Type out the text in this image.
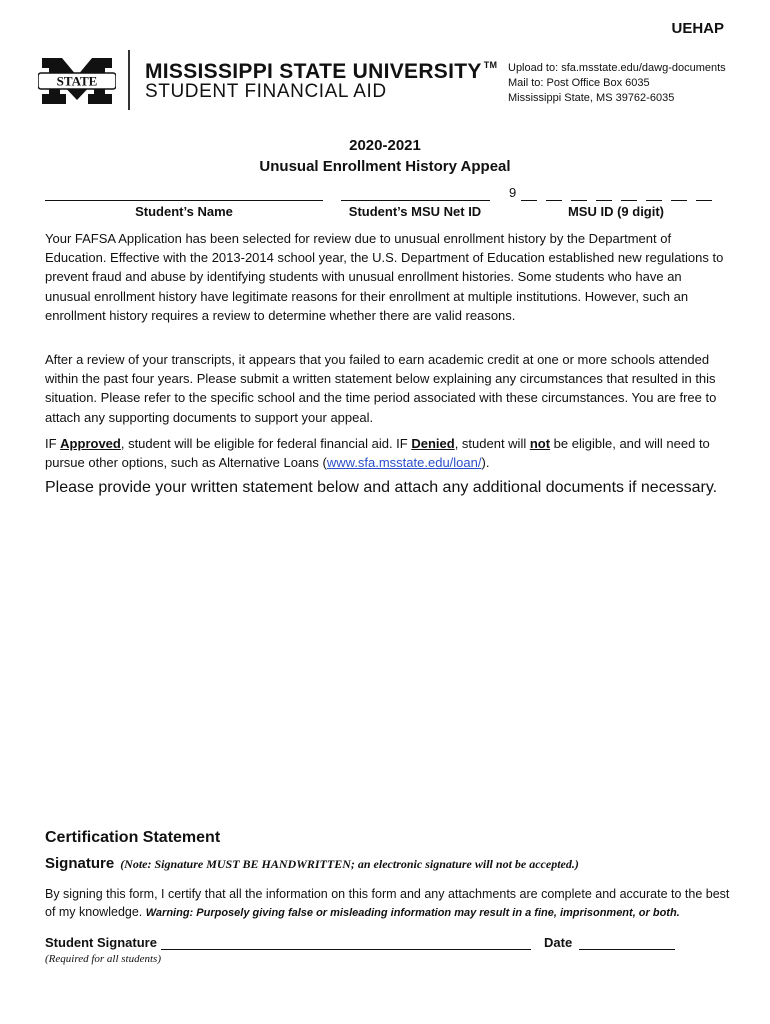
UEHAP
STATE MISSISSIPPI STATE UNIVERSITY ™
STUDENT FINANCIAL AID
Upload to: sfa.msstate.edu/dawg-documents
Mail to: Post Office Box 6035
Mississippi State, MS 39762-6035
2020-2021
Unusual Enrollment History Appeal
Student’s Name	Student’s MSU Net ID
9
MSU ID (9 digit)
Your FAFSA Application has been selected for review due to unusual enrollment history by the Department of Education. Effective with the 2013-2014 school year, the U.S. Department of Education established new regulations to prevent fraud and abuse by identifying students with unusual enrollment histories. Some students who have an unusual enrollment history have legitimate reasons for their enrollment at multiple institutions. However, such an enrollment history requires a review to determine whether there are valid reasons.
After a review of your transcripts, it appears that you failed to earn academic credit at one or more schools attended within the past four years. Please submit a written statement below explaining any circumstances that resulted in this situation. Please refer to the specific school and the time period associated with these circumstances. You are free to attach any supporting documents to support your appeal.
IF Approved, student will be eligible for federal financial aid. IF Denied, student will not be eligible, and will need to pursue other options, such as Alternative Loans (www.sfa.msstate.edu/loan/).
Please provide your written statement below and attach any additional documents if necessary.
Certification Statement
Signature (Note: Signature MUST BE HANDWRITTEN; an electronic signature will not be accepted.)
By signing this form, I certify that all the information on this form and any attachments are complete and accurate to the best of my knowledge. Warning: Purposely giving false or misleading information may result in a fine, imprisonment, or both.
Student Signature	Date
(Required for all students)
